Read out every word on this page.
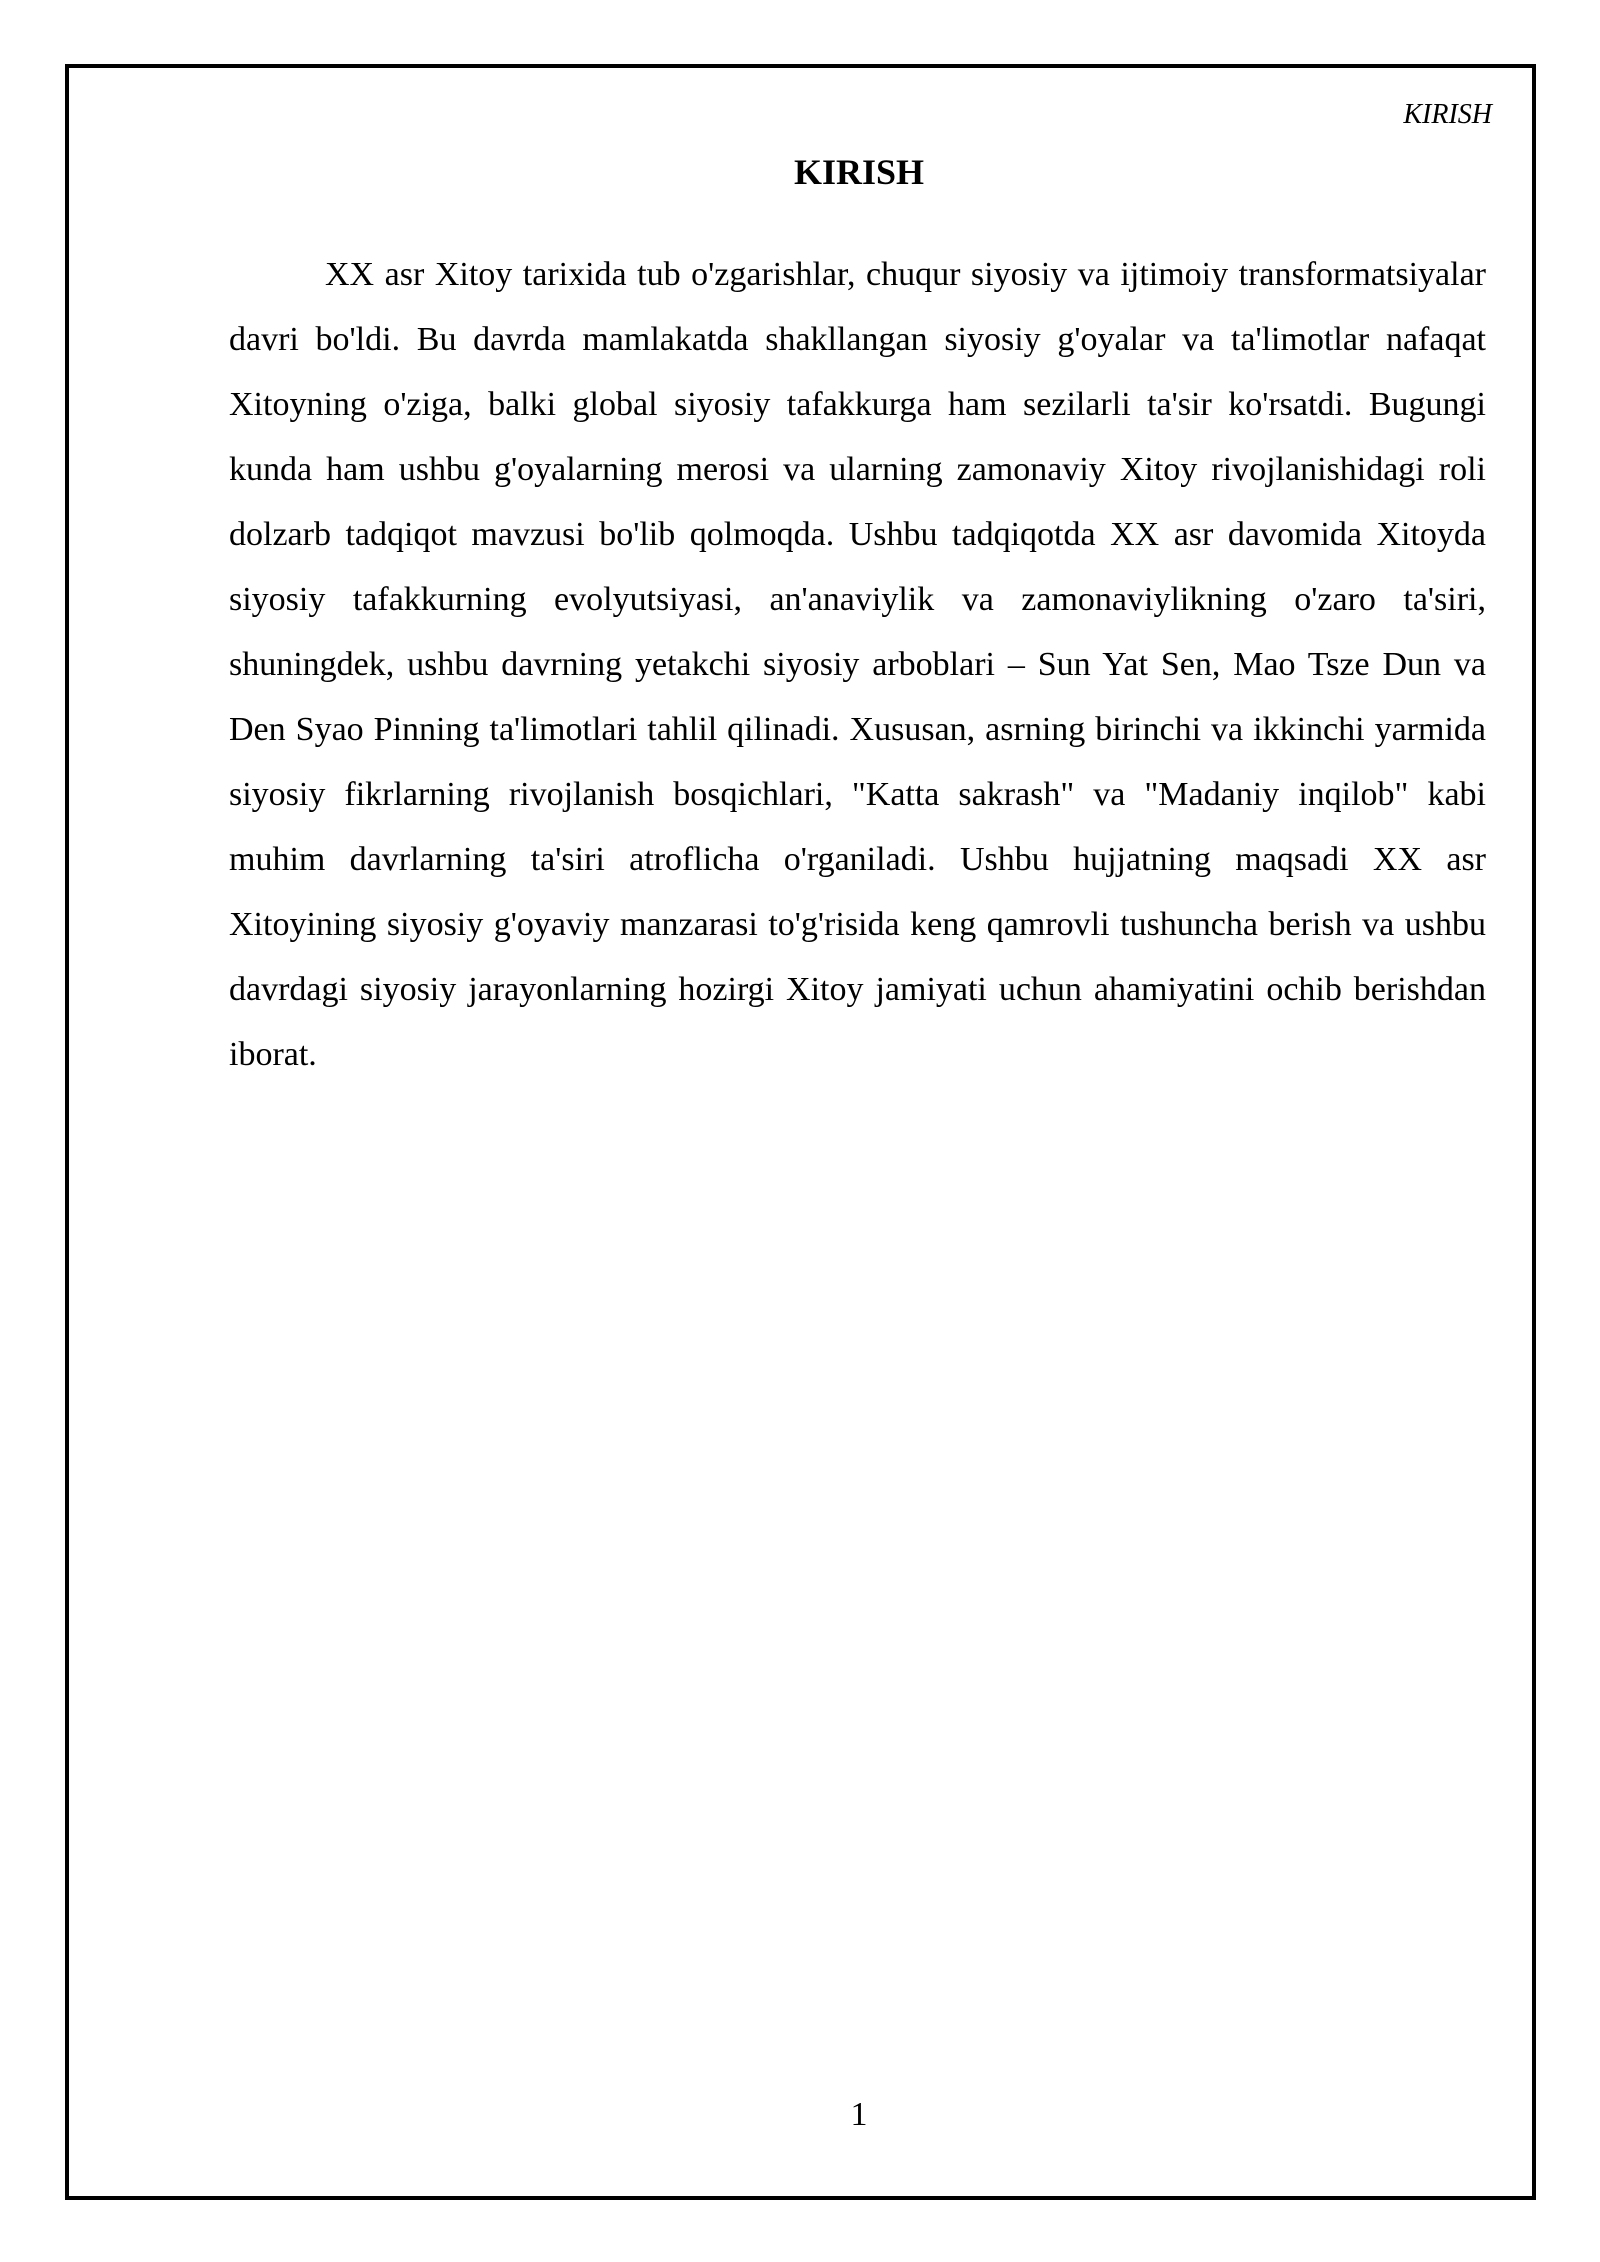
KIRISH
KIRISH

XX asr Xitoy tarixida tub o'zgarishlar, chuqur siyosiy va ijtimoiy transformatsiyalar davri bo'ldi. Bu davrda mamlakatda shakllangan siyosiy g'oyalar va ta'limotlar nafaqat Xitoyning o'ziga, balki global siyosiy tafakkurga ham sezilarli ta'sir ko'rsatdi. Bugungi kunda ham ushbu g'oyalarning merosi va ularning zamonaviy Xitoy rivojlanishidagi roli dolzarb tadqiqot mavzusi bo'lib qolmoqda. Ushbu tadqiqotda XX asr davomida Xitoyda siyosiy tafakkurning evolyutsiyasi, an'anaviylik va zamonaviylikning o'zaro ta'siri, shuningdek, ushbu davrning yetakchi siyosiy arboblari – Sun Yat Sen, Mao Tsze Dun va Den Syao Pinning ta'limotlari tahlil qilinadi. Xususan, asrning birinchi va ikkinchi yarmida siyosiy fikrlarning rivojlanish bosqichlari, "Katta sakrash" va "Madaniy inqilob" kabi muhim davrlarning ta'siri atroflicha o'rganiladi. Ushbu hujjatning maqsadi XX asr Xitoyining siyosiy g'oyaviy manzarasi to'g'risida keng qamrovli tushuncha berish va ushbu davrdagi siyosiy jarayonlarning hozirgi Xitoy jamiyati uchun ahamiyatini ochib berishdan iborat.

1
